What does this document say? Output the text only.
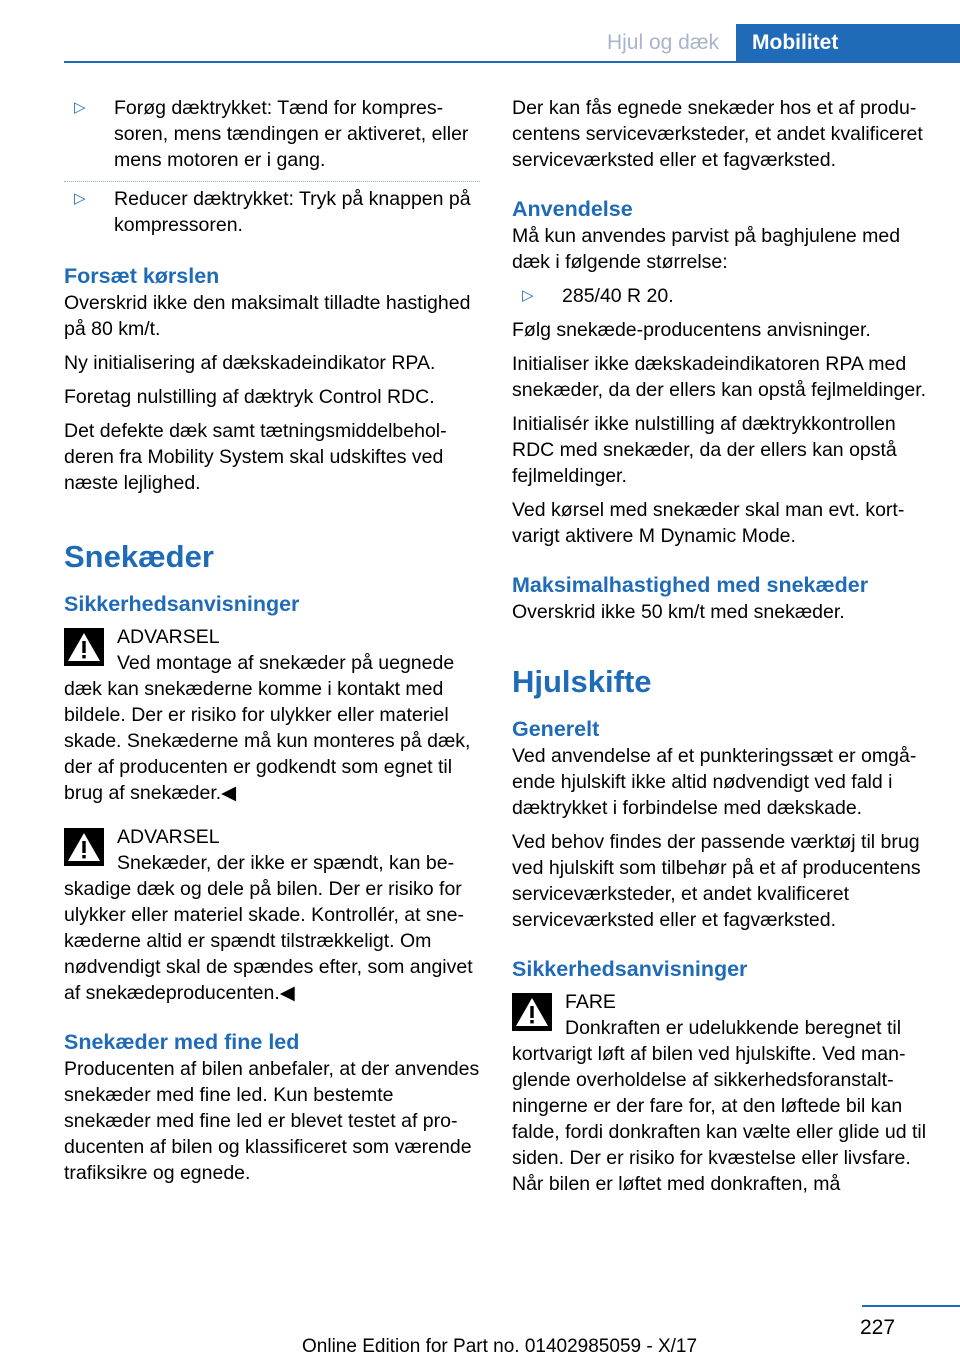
Hjul og dæk	Mobilitet
▷	Forøg dæktrykket: Tænd for kompressoren, mens tændingen er aktiveret, eller mens motoren er i gang.
▷	Reducer dæktrykket: Tryk på knappen på kompressoren.
Forsæt kørslen

Overskrid ikke den maksimalt tilladte hastighed på 80 km/t.

Ny initialisering af dækskadeindikator RPA.

Foretag nulstilling af dæktryk Control RDC.

Det defekte dæk samt tætningsmiddelbeholderen fra Mobility System skal udskiftes ved næste lejlighed.

Snekæder
Sikkerhedsanvisninger
ADVARSEL

Ved montage af snekæder på uegnede dæk kan snekæderne komme i kontakt med bildele. Der er risiko for ulykker eller materiel skade. Snekæderne må kun monteres på dæk, der af producenten er godkendt som egnet til brug af snekæder.◀

ADVARSEL

Snekæder, der ikke er spændt, kan beskadige dæk og dele på bilen. Der er risiko for ulykker eller materiel skade. Kontrollér, at snekæderne altid er spændt tilstrækkeligt. Om nødvendigt skal de spændes efter, som angivet af snekædeproducenten.◀

Snekæder med fine led

Producenten af bilen anbefaler, at der anvendes snekæder med fine led. Kun bestemte snekæder med fine led er blevet testet af producenten af bilen og klassificeret som værende trafiksikre og egnede.

Der kan fås egnede snekæder hos et af producentens serviceværksteder, et andet kvalificeret serviceværksted eller et fagværksted.

Anvendelse

Må kun anvendes parvist på baghjulene med dæk i følgende størrelse:

▷	285/40 R 20.

Følg snekæde-producentens anvisninger.

Initialiser ikke dækskadeindikatoren RPA med snekæder, da der ellers kan opstå fejlmeldinger.

Initialisér ikke nulstilling af dæktrykkontrollen RDC med snekæder, da der ellers kan opstå fejlmeldinger.

Ved kørsel med snekæder skal man evt. kortvarigt aktivere M Dynamic Mode.

Maksimalhastighed med snekæder

Overskrid ikke 50 km/t med snekæder.

Hjulskifte
Generelt

Ved anvendelse af et punkteringssæt er omgående hjulskift ikke altid nødvendigt ved fald i dæktrykket i forbindelse med dækskade.

Ved behov findes der passende værktøj til brug ved hjulskift som tilbehør på et af producentens serviceværksteder, et andet kvalificeret serviceværksted eller et fagværksted.

Sikkerhedsanvisninger
FARE

Donkraften er udelukkende beregnet til kortvarigt løft af bilen ved hjulskifte. Ved manglende overholdelse af sikkerhedsforanstaltningerne er der fare for, at den løftede bil kan falde, fordi donkraften kan vælte eller glide ud til siden. Der er risiko for kvæstelse eller livsfare. Når bilen er løftet med donkraften, må

227
Online Edition for Part no. 01402985059 - X/17
